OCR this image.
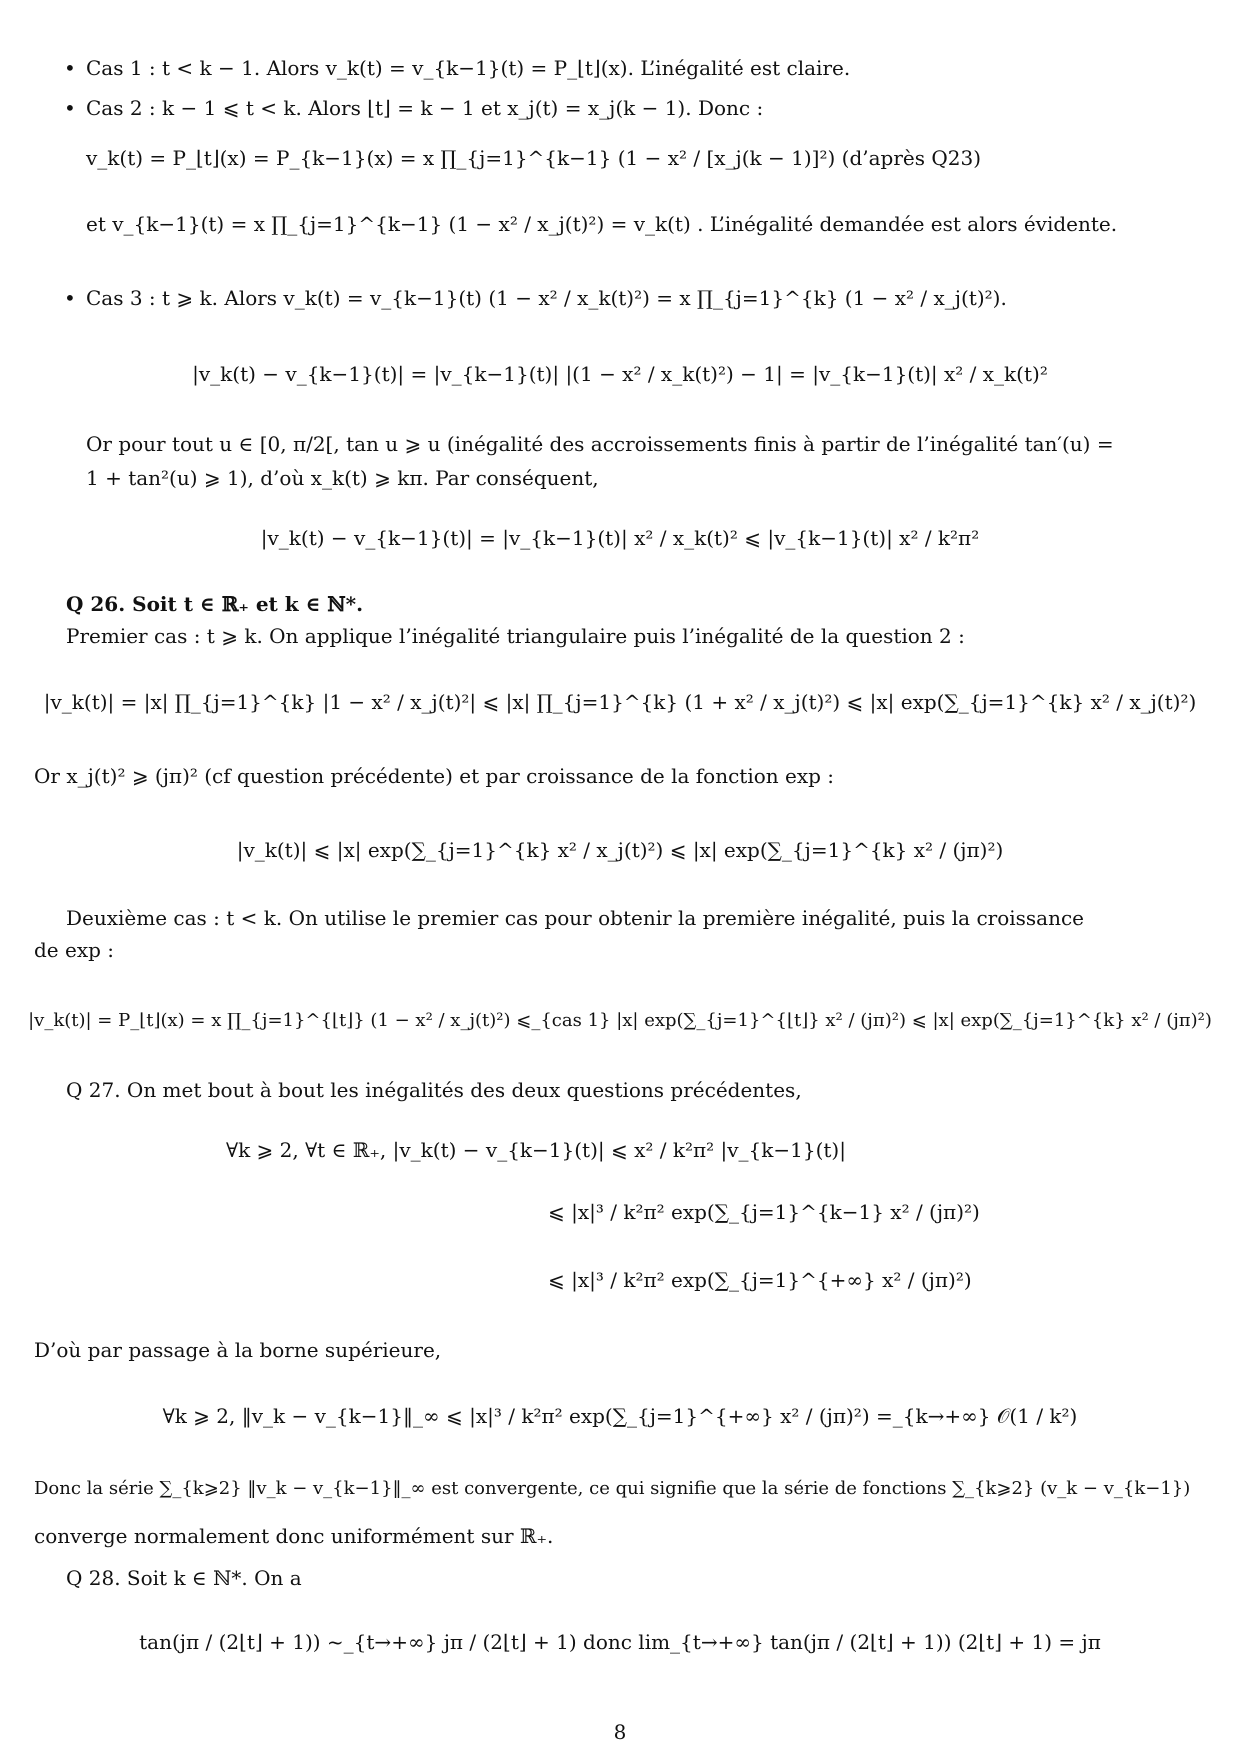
• Cas 1 : t < k − 1. Alors v_k(t) = v_{k−1}(t) = P_⌊t⌋(x). L’inégalité est claire.
• Cas 2 : k − 1 ⩽ t < k. Alors ⌊t⌋ = k − 1 et x_j(t) = x_j(k − 1). Donc :
v_k(t) = P_⌊t⌋(x) = P_{k−1}(x) = x ∏_{j=1}^{k−1} (1 − x² / [x_j(k − 1)]²) (d’après Q23)
et v_{k−1}(t) = x ∏_{j=1}^{k−1} (1 − x² / x_j(t)²) = v_k(t) . L’inégalité demandée est alors évidente.
• Cas 3 : t ⩾ k. Alors v_k(t) = v_{k−1}(t) (1 − x² / x_k(t)²) = x ∏_{j=1}^{k} (1 − x² / x_j(t)²).
|v_k(t) − v_{k−1}(t)| = |v_{k−1}(t)| |(1 − x² / x_k(t)²) − 1| = |v_{k−1}(t)| x² / x_k(t)²
Or pour tout u ∈ [0, π/2[, tan u ⩾ u (inégalité des accroissements finis à partir de l’inégalité tan′(u) =
1 + tan²(u) ⩾ 1), d’où x_k(t) ⩾ kπ. Par conséquent,
|v_k(t) − v_{k−1}(t)| = |v_{k−1}(t)| x² / x_k(t)² ⩽ |v_{k−1}(t)| x² / k²π²
Q 26. Soit t ∈ ℝ₊ et k ∈ ℕ*.
Premier cas : t ⩾ k. On applique l’inégalité triangulaire puis l’inégalité de la question 2 :
|v_k(t)| = |x| ∏_{j=1}^{k} |1 − x² / x_j(t)²| ⩽ |x| ∏_{j=1}^{k} (1 + x² / x_j(t)²) ⩽ |x| exp(∑_{j=1}^{k} x² / x_j(t)²)
Or x_j(t)² ⩾ (jπ)² (cf question précédente) et par croissance de la fonction exp :
|v_k(t)| ⩽ |x| exp(∑_{j=1}^{k} x² / x_j(t)²) ⩽ |x| exp(∑_{j=1}^{k} x² / (jπ)²)
Deuxième cas : t < k. On utilise le premier cas pour obtenir la première inégalité, puis la croissance
de exp :
|v_k(t)| = P_⌊t⌋(x) = x ∏_{j=1}^{⌊t⌋} (1 − x² / x_j(t)²) ⩽_{cas 1} |x| exp(∑_{j=1}^{⌊t⌋} x² / (jπ)²) ⩽ |x| exp(∑_{j=1}^{k} x² / (jπ)²)
Q 27. On met bout à bout les inégalités des deux questions précédentes,
∀k ⩾ 2, ∀t ∈ ℝ₊, |v_k(t) − v_{k−1}(t)| ⩽ x² / k²π² |v_{k−1}(t)|
⩽ |x|³ / k²π² exp(∑_{j=1}^{k−1} x² / (jπ)²)
⩽ |x|³ / k²π² exp(∑_{j=1}^{+∞} x² / (jπ)²)
D’où par passage à la borne supérieure,
∀k ⩾ 2, ‖v_k − v_{k−1}‖_∞ ⩽ |x|³ / k²π² exp(∑_{j=1}^{+∞} x² / (jπ)²) =_{k→+∞} 𝒪(1 / k²)
Donc la série ∑_{k⩾2} ‖v_k − v_{k−1}‖_∞ est convergente, ce qui signifie que la série de fonctions ∑_{k⩾2} (v_k − v_{k−1})
converge normalement donc uniformément sur ℝ₊.
Q 28. Soit k ∈ ℕ*. On a
tan(jπ / (2⌊t⌋ + 1)) ~_{t→+∞} jπ / (2⌊t⌋ + 1) donc lim_{t→+∞} tan(jπ / (2⌊t⌋ + 1)) (2⌊t⌋ + 1) = jπ
8
